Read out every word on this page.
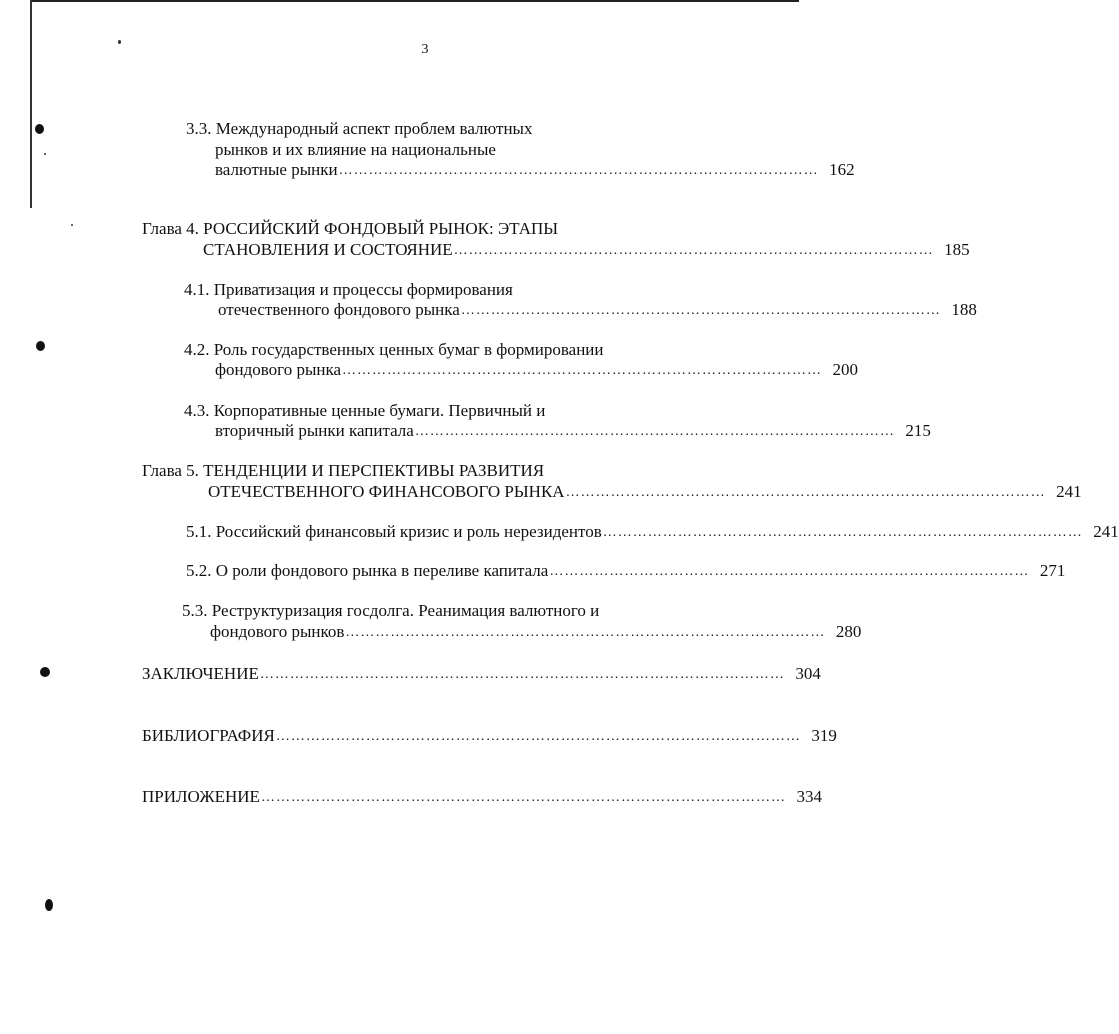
3
3.3. Международный аспект проблем валютных
рынков и их влияние на национальные
валютные рынки …………………………………………………………………………………… 162
Глава 4. РОССИЙСКИЙ ФОНДОВЫЙ РЫНОК: ЭТАПЫ
СТАНОВЛЕНИЯ И СОСТОЯНИЕ …………………………………………………………………………………… 185
4.1. Приватизация и процессы формирования
отечественного фондового рынка …………………………………………………………………………………… 188
4.2. Роль государственных ценных бумаг в формировании
фондового рынка …………………………………………………………………………………… 200
4.3. Корпоративные ценные бумаги. Первичный и
вторичный рынки капитала …………………………………………………………………………………… 215
Глава 5. ТЕНДЕНЦИИ И ПЕРСПЕКТИВЫ РАЗВИТИЯ
ОТЕЧЕСТВЕННОГО ФИНАНСОВОГО РЫНКА …………………………………………………………………………………… 241
5.1. Российский финансовый кризис и роль нерезидентов …………………………………………………………………………………… 241
5.2. О роли фондового рынка в переливе капитала …………………………………………………………………………………… 271
5.3. Реструктуризация госдолга. Реанимация валютного и
фондового рынков …………………………………………………………………………………… 280
ЗАКЛЮЧЕНИЕ …………………………………………………………………………………………… 304
БИБЛИОГРАФИЯ …………………………………………………………………………………………… 319
ПРИЛОЖЕНИЕ …………………………………………………………………………………………… 334
